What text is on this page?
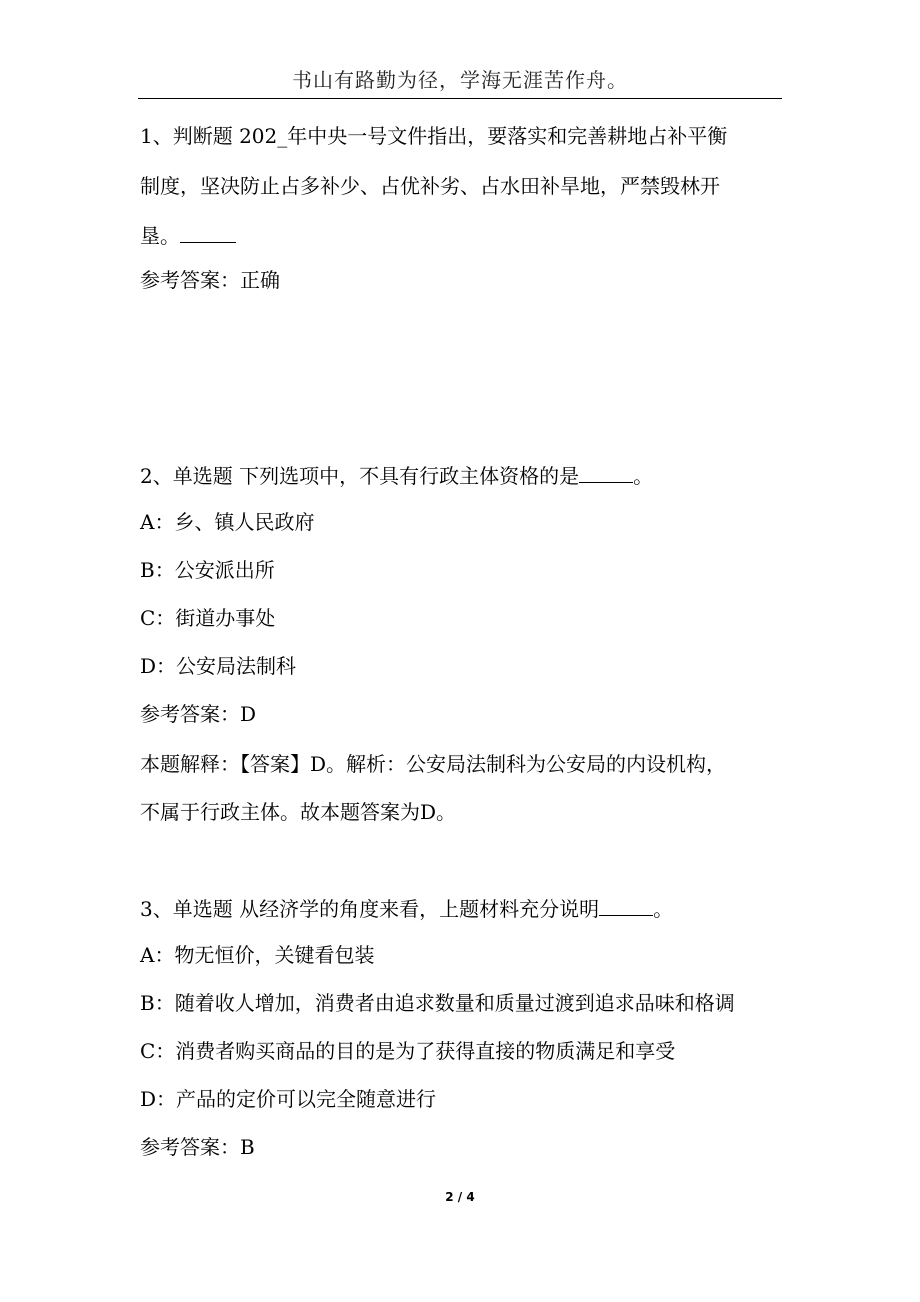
书山有路勤为径，学海无涯苦作舟。
1、判断题 202_年中央一号文件指出，要落实和完善耕地占补平衡
制度，坚决防止占多补少、占优补劣、占水田补旱地，严禁毁林开
垦。
参考答案：正确
2、单选题 下列选项中，不具有行政主体资格的是	。
A：乡、镇人民政府
B：公安派出所
C：街道办事处
D：公安局法制科
参考答案：D
本题解释：【答案】D。解析：公安局法制科为公安局的内设机构，
不属于行政主体。故本题答案为D。
3、单选题 从经济学的角度来看，上题材料充分说明	。
A：物无恒价，关键看包装
B：随着收人增加，消费者由追求数量和质量过渡到追求品味和格调
C：消费者购买商品的目的是为了获得直接的物质满足和享受
D：产品的定价可以完全随意进行
参考答案：B
2 / 4
